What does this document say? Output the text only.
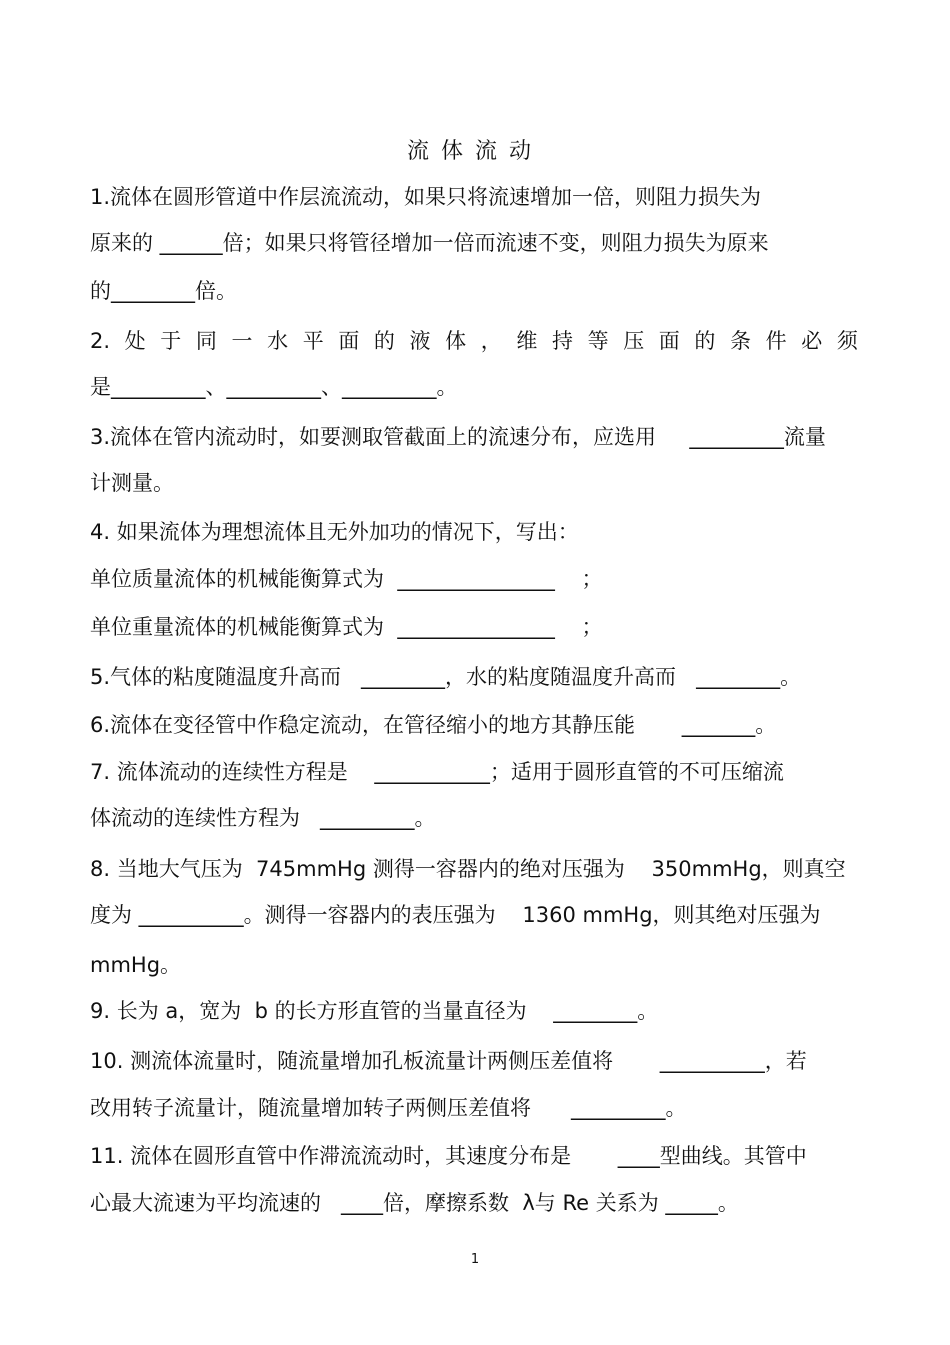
流体流动
1.流体在圆形管道中作层流流动，如果只将流速增加一倍，则阻力损失为
原来的 ______倍；如果只将管径增加一倍而流速不变，则阻力损失为原来
的________倍。
2. 处 于 同 一 水 平 面 的 液 体 ， 维 持 等 压 面 的 条 件 必 须
是_________、_________、_________。
3.流体在管内流动时，如要测取管截面上的流速分布，应选用     _________流量
计测量。
4. 如果流体为理想流体且无外加功的情况下，写出：
单位质量流体的机械能衡算式为  _______________    ；
单位重量流体的机械能衡算式为  _______________    ；
5.气体的粘度随温度升高而   ________，水的粘度随温度升高而   ________。
6.流体在变径管中作稳定流动，在管径缩小的地方其静压能       _______。
7. 流体流动的连续性方程是    ___________；适用于圆形直管的不可压缩流
体流动的连续性方程为   _________。
8. 当地大气压为  745mmHg 测得一容器内的绝对压强为    350mmHg，则真空
度为 __________。测得一容器内的表压强为    1360 mmHg，则其绝对压强为
mmHg。
9. 长为 a，宽为  b 的长方形直管的当量直径为    ________。
10. 测流体流量时，随流量增加孔板流量计两侧压差值将       __________，若
改用转子流量计，随流量增加转子两侧压差值将      _________。
11. 流体在圆形直管中作滞流流动时，其速度分布是       ____型曲线。其管中
心最大流速为平均流速的   ____倍，摩擦系数  λ与 Re 关系为 _____。
1
